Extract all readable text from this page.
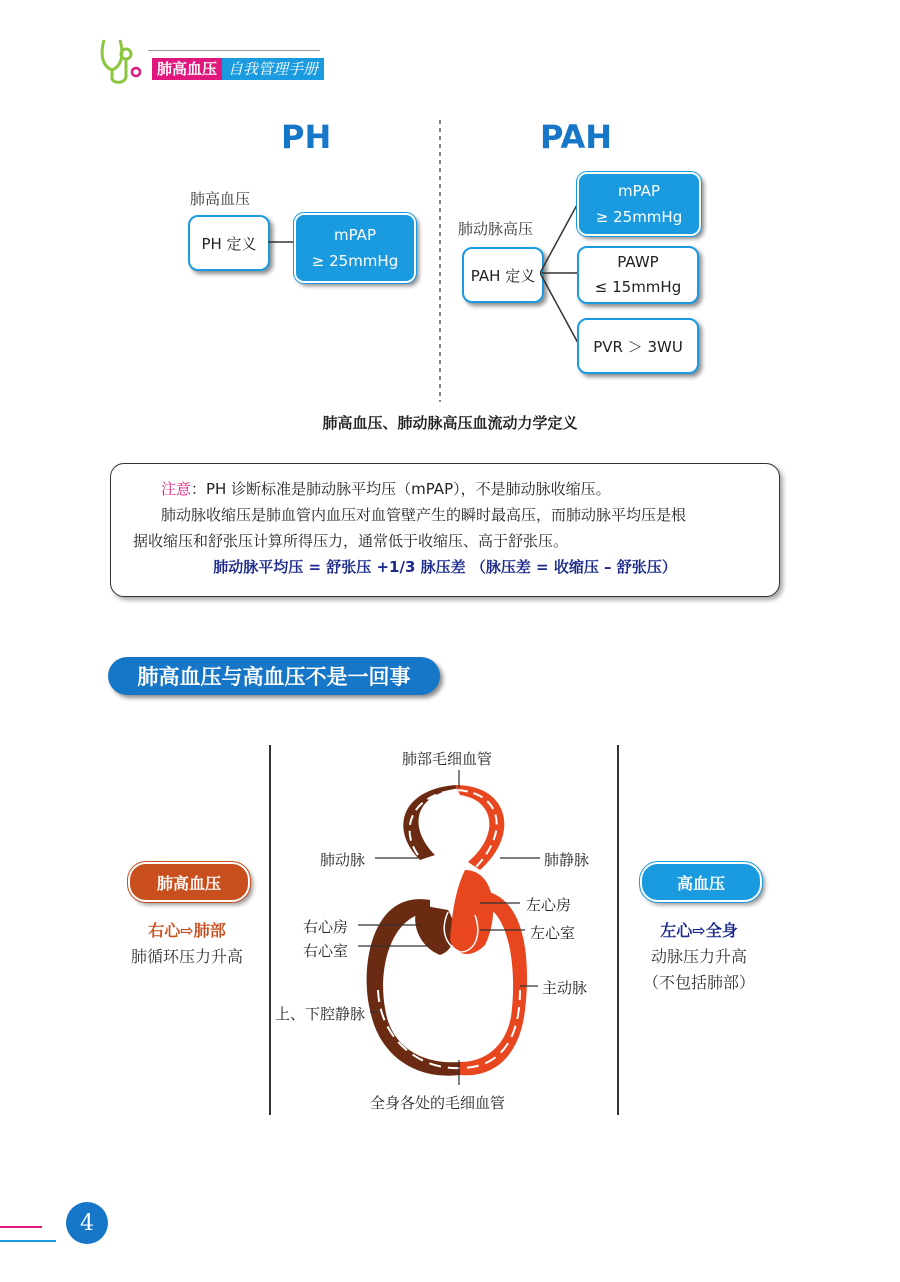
肺高血压 自我管理手册
PH	PAH
肺高血压
PH 定义	mPAP
≥ 25mmHg
肺动脉高压
PAH 定义
mPAP
≥ 25mmHg
PAWP
≤ 15mmHg
PVR ＞ 3WU
肺高血压、肺动脉高压血流动力学定义

注意：PH 诊断标准是肺动脉平均压（mPAP），不是肺动脉收缩压。

肺动脉收缩压是肺血管内血压对血管壁产生的瞬时最高压，而肺动脉平均压是根

据收缩压和舒张压计算所得压力，通常低于收缩压、高于舒张压。

肺动脉平均压 = 舒张压 +1/3 脉压差 （脉压差 = 收缩压 – 舒张压）

肺高血压与高血压不是一回事
肺高血压
右心⇨肺部
肺循环压力升高
高血压
左心⇨全身
动脉压力升高
（不包括肺部）
肺部毛细血管
肺动脉	肺静脉
左心房
左心室
右心房
右心室
主动脉
上、下腔静脉
全身各处的毛细血管
4
